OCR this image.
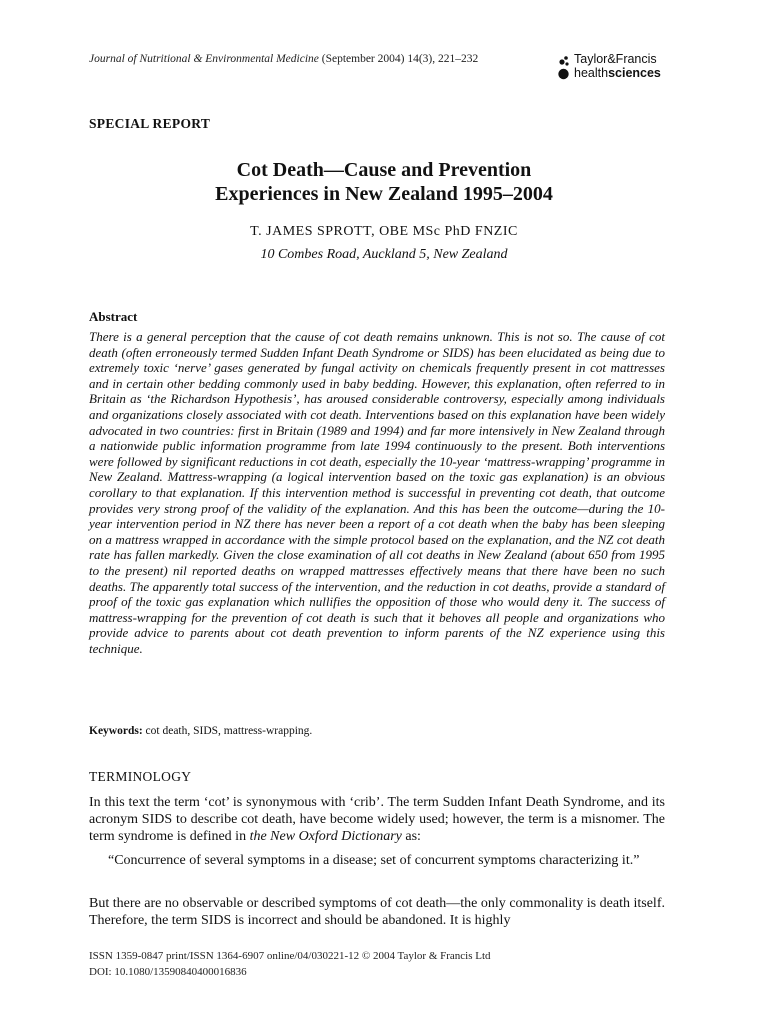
Journal of Nutritional & Environmental Medicine (September 2004) 14(3), 221–232	Taylor&Francis
healthsciences
SPECIAL REPORT
Cot Death—Cause and Prevention
Experiences in New Zealand 1995–2004
T. JAMES SPROTT, OBE MSc PhD FNZIC
10 Combes Road, Auckland 5, New Zealand
Abstract
There is a general perception that the cause of cot death remains unknown. This is not so. The cause of cot death (often erroneously termed Sudden Infant Death Syndrome or SIDS) has been elucidated as being due to extremely toxic ‘nerve’ gases generated by fungal activity on chemicals frequently present in cot mattresses and in certain other bedding commonly used in baby bedding. However, this explanation, often referred to in Britain as ‘the Richardson Hypothesis’, has aroused considerable controversy, especially among individuals and organizations closely associated with cot death. Interventions based on this explanation have been widely advocated in two countries: first in Britain (1989 and 1994) and far more intensively in New Zealand through a nationwide public information programme from late 1994 continuously to the present. Both interventions were followed by significant reductions in cot death, especially the 10-year ‘mattress-wrapping’ programme in New Zealand. Mattress-wrapping (a logical intervention based on the toxic gas explanation) is an obvious corollary to that explanation. If this intervention method is successful in preventing cot death, that outcome provides very strong proof of the validity of the explanation. And this has been the outcome—during the 10-year intervention period in NZ there has never been a report of a cot death when the baby has been sleeping on a mattress wrapped in accordance with the simple protocol based on the explanation, and the NZ cot death rate has fallen markedly. Given the close examination of all cot deaths in New Zealand (about 650 from 1995 to the present) nil reported deaths on wrapped mattresses effectively means that there have been no such deaths. The apparently total success of the intervention, and the reduction in cot deaths, provide a standard of proof of the toxic gas explanation which nullifies the opposition of those who would deny it. The success of mattress-wrapping for the prevention of cot death is such that it behoves all people and organizations who provide advice to parents about cot death prevention to inform parents of the NZ experience using this technique.
Keywords: cot death, SIDS, mattress-wrapping.
TERMINOLOGY
In this text the term ‘cot’ is synonymous with ‘crib’. The term Sudden Infant Death Syndrome, and its acronym SIDS to describe cot death, have become widely used; however, the term is a misnomer. The term syndrome is defined in the New Oxford Dictionary as:
“Concurrence of several symptoms in a disease; set of concurrent symptoms characterizing it.”
But there are no observable or described symptoms of cot death—the only commonality is death itself. Therefore, the term SIDS is incorrect and should be abandoned. It is highly
ISSN 1359-0847 print/ISSN 1364-6907 online/04/030221-12 © 2004 Taylor & Francis Ltd
DOI: 10.1080/13590840400016836
